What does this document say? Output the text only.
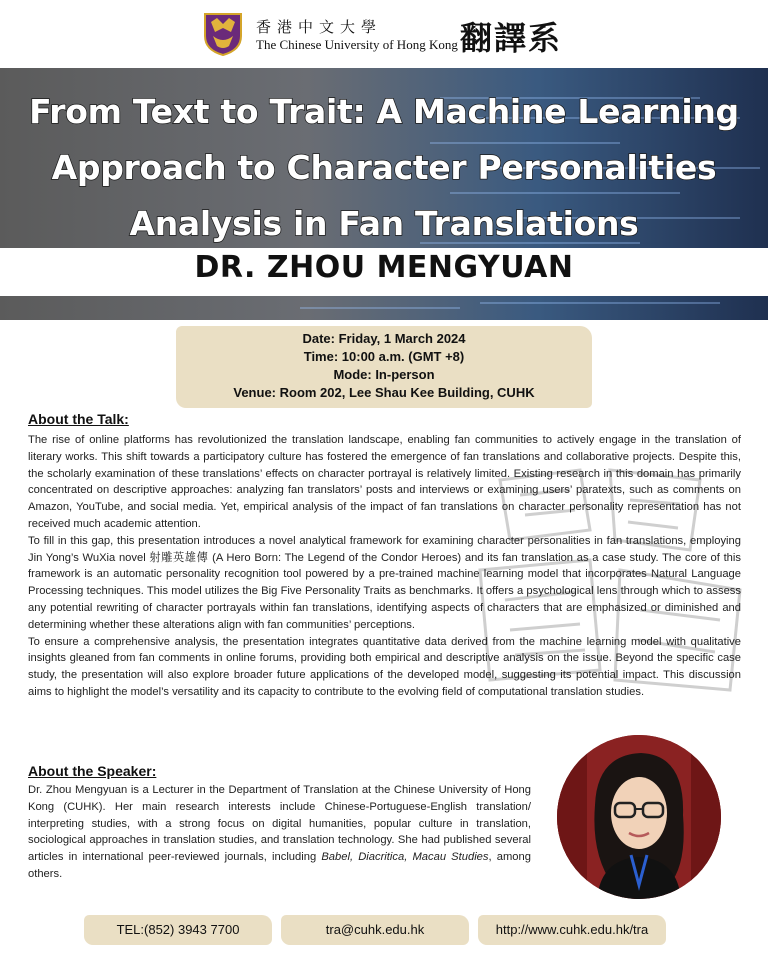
香港中文大學
The Chinese University of Hong Kong 翻譯系
From Text to Trait: A Machine Learning
Approach to Character Personalities
Analysis in Fan Translations
DR. ZHOU MENGYUAN
Date: Friday, 1 March 2024
Time: 10:00 a.m. (GMT +8)
Mode: In-person
Venue: Room 202, Lee Shau Kee Building, CUHK
About the Talk:

The rise of online platforms has revolutionized the translation landscape, enabling fan communities to actively engage in the translation of literary works. This shift towards a participatory culture has fostered the emergence of fan translations and collaborative projects. Despite this, the scholarly examination of these translations’ effects on character portrayal is relatively limited. Existing research in this domain has primarily concentrated on descriptive approaches: analyzing fan translators’ posts and interviews or examining users’ paratexts, such as comments on Amazon, YouTube, and social media. Yet, empirical analysis of the impact of fan translations on character personality representation has not received much academic attention.

To fill in this gap, this presentation introduces a novel analytical framework for examining character personalities in fan translations, employing Jin Yong’s WuXia novel 射雕英雄傳 (A Hero Born: The Legend of the Condor Heroes) and its fan translation as a case study. The core of this framework is an automatic personality recognition tool powered by a pre-trained machine learning model that incorporates Natural Language Processing techniques. This model utilizes the Big Five Personality Traits as benchmarks. It offers a psychological lens through which to assess any potential rewriting of character portrayals within fan translations, identifying aspects of characters that are emphasized or diminished and determining whether these alterations align with fan communities’ perceptions.

To ensure a comprehensive analysis, the presentation integrates quantitative data derived from the machine learning model with qualitative insights gleaned from fan comments in online forums, providing both empirical and descriptive analysis on the issue. Beyond the specific case study, the presentation will also explore broader future applications of the developed model, suggesting its potential impact. This discussion aims to highlight the model’s versatility and its capacity to contribute to the evolving field of computational translation studies.

About the Speaker:
Dr. Zhou Mengyuan is a Lecturer in the Department of Translation at the Chinese University of Hong Kong (CUHK). Her main research interests include Chinese-Portuguese-English translation/ interpreting studies, with a strong focus on digital humanities, popular culture in translation, sociological approaches in translation studies, and translation technology. She had published several articles in international peer-reviewed journals, including Babel, Diacritica, Macau Studies, among others.
TEL:(852) 3943 7700	tra@cuhk.edu.hk	http://www.cuhk.edu.hk/tra
